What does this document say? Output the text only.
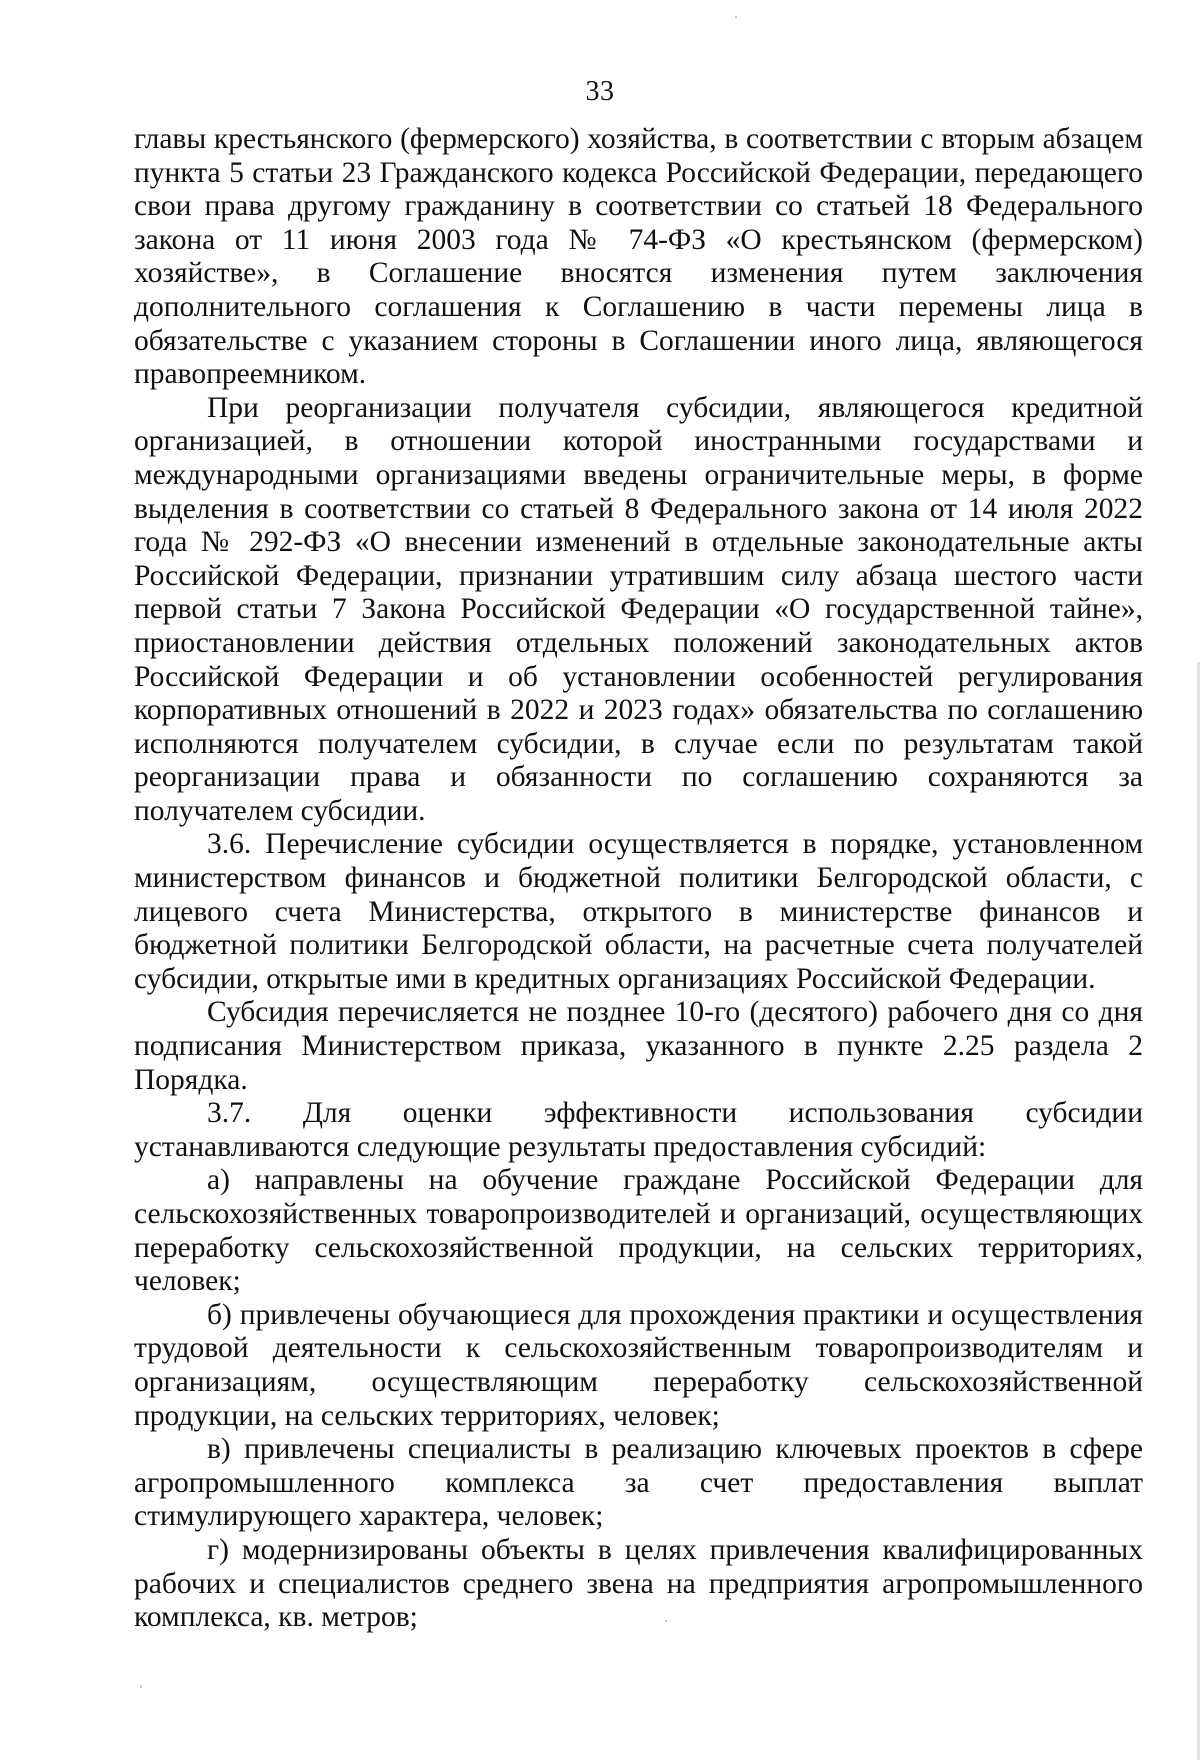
33

главы крестьянского (фермерского) хозяйства, в соответствии с вторым абзацем пункта 5 статьи 23 Гражданского кодекса Российской Федерации, передающего свои права другому гражданину в соответствии со статьей 18 Федерального закона от 11 июня 2003 года № 74-ФЗ «О крестьянском (фермерском) хозяйстве», в Соглашение вносятся изменения путем заключения дополнительного соглашения к Соглашению в части перемены лица в обязательстве с указанием стороны в Соглашении иного лица, являющегося правопреемником.

При реорганизации получателя субсидии, являющегося кредитной организацией, в отношении которой иностранными государствами и международными организациями введены ограничительные меры, в форме выделения в соответствии со статьей 8 Федерального закона от 14 июля 2022 года № 292-ФЗ «О внесении изменений в отдельные законодательные акты Российской Федерации, признании утратившим силу абзаца шестого части первой статьи 7 Закона Российской Федерации «О государственной тайне», приостановлении действия отдельных положений законодательных актов Российской Федерации и об установлении особенностей регулирования корпоративных отношений в 2022 и 2023 годах» обязательства по соглашению исполняются получателем субсидии, в случае если по результатам такой реорганизации права и обязанности по соглашению сохраняются за получателем субсидии.

3.6. Перечисление субсидии осуществляется в порядке, установленном министерством финансов и бюджетной политики Белгородской области, с лицевого счета Министерства, открытого в министерстве финансов и бюджетной политики Белгородской области, на расчетные счета получателей субсидии, открытые ими в кредитных организациях Российской Федерации.

Субсидия перечисляется не позднее 10-го (десятого) рабочего дня со дня подписания Министерством приказа, указанного в пункте 2.25 раздела 2 Порядка.

3.7. Для оценки эффективности использования субсидии устанавливаются следующие результаты предоставления субсидий:

а) направлены на обучение граждане Российской Федерации для сельскохозяйственных товаропроизводителей и организаций, осуществляющих переработку сельскохозяйственной продукции, на сельских территориях, человек;

б) привлечены обучающиеся для прохождения практики и осуществления трудовой деятельности к сельскохозяйственным товаропроизводителям и организациям, осуществляющим переработку сельскохозяйственной продукции, на сельских территориях, человек;

в) привлечены специалисты в реализацию ключевых проектов в сфере агропромышленного комплекса за счет предоставления выплат стимулирующего характера, человек;

г) модернизированы объекты в целях привлечения квалифицированных рабочих и специалистов среднего звена на предприятия агропромышленного комплекса, кв. метров;
